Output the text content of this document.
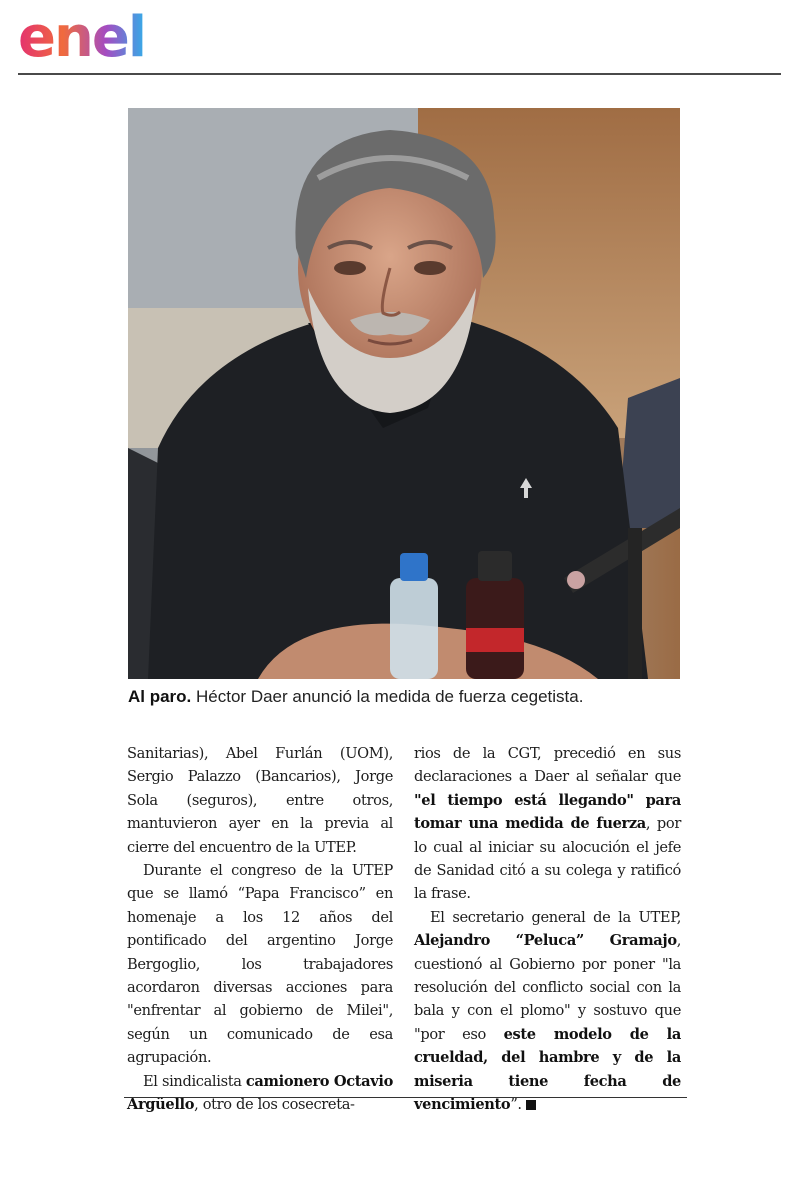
enel
Al paro. Héctor Daer anunció la medida de fuerza cegetista.

Sanitarias), Abel Furlán (UOM), Sergio Palazzo (Bancarios), Jorge Sola (seguros), entre otros, mantuvieron ayer en la previa al cierre del encuentro de la UTEP.

Durante el congreso de la UTEP que se llamó “Papa Francisco” en homenaje a los 12 años del pontificado del argentino Jorge Bergoglio, los trabajadores acordaron diversas acciones para "enfrentar al gobierno de Milei", según un comunicado de esa agrupación.

El sindicalista camionero Octavio Argüello, otro de los cosecreta-

rios de la CGT, precedió en sus declaraciones a Daer al señalar que "el tiempo está llegando" para tomar una medida de fuerza, por lo cual al iniciar su alocución el jefe de Sanidad citó a su colega y ratificó la frase.

El secretario general de la UTEP, Alejandro “Peluca” Gramajo, cuestionó al Gobierno por poner "la resolución del conflicto social con la bala y con el plomo" y sostuvo que "por eso este modelo de la crueldad, del hambre y de la miseria tiene fecha de vencimiento”.
